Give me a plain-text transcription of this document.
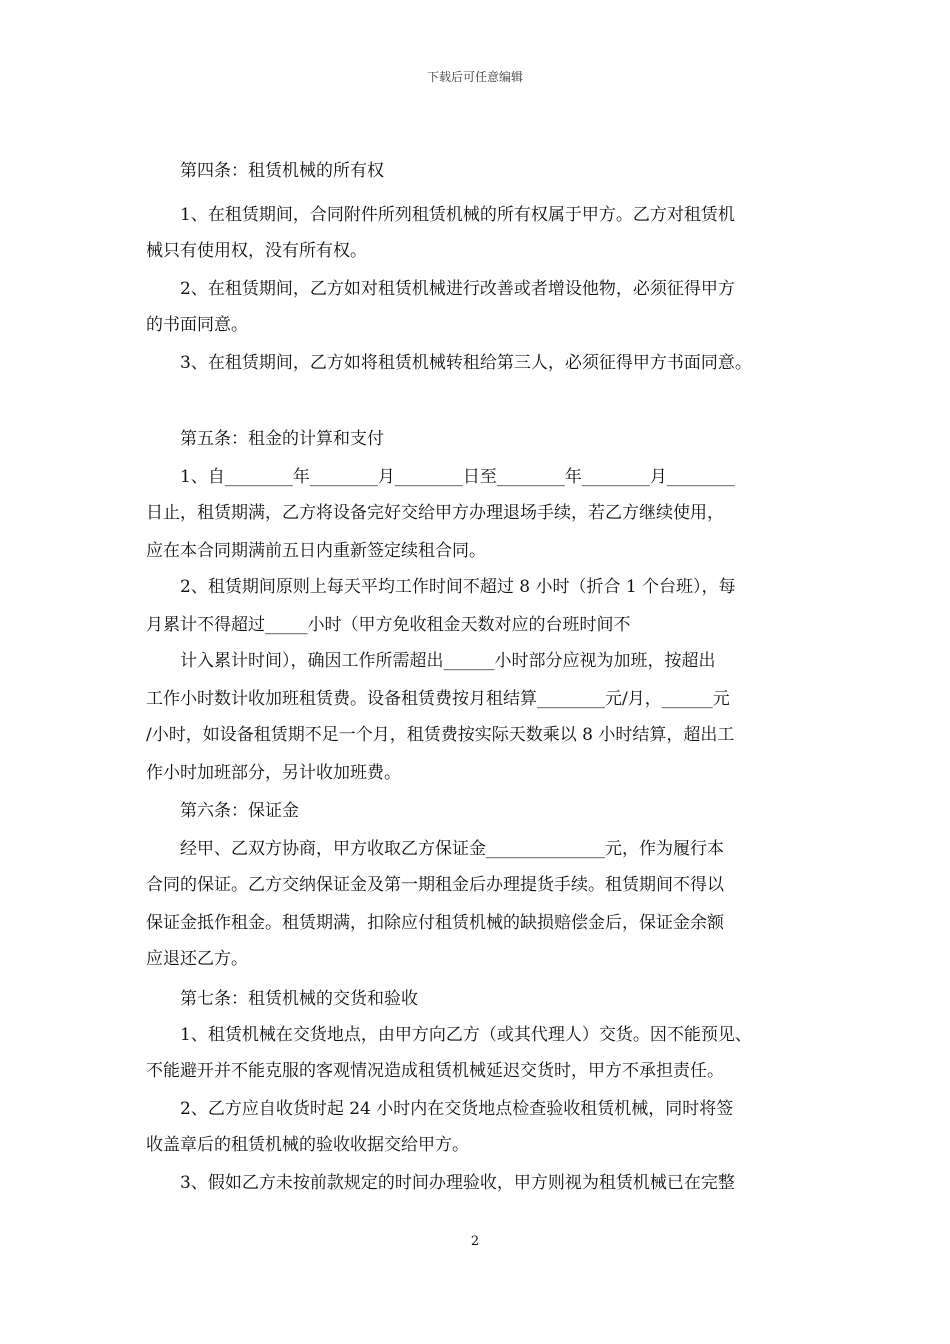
下载后可任意编辑
第四条：租赁机械的所有权
1、在租赁期间，合同附件所列租赁机械的所有权属于甲方。乙方对租赁机
械只有使用权，没有所有权。
2、在租赁期间，乙方如对租赁机械进行改善或者增设他物，必须征得甲方
的书面同意。
3、在租赁期间，乙方如将租赁机械转租给第三人，必须征得甲方书面同意。
第五条：租金的计算和支付
1、自________年________月________日至________年________月________
日止，租赁期满，乙方将设备完好交给甲方办理退场手续，若乙方继续使用，
应在本合同期满前五日内重新签定续租合同。
2、租赁期间原则上每天平均工作时间不超过 8 小时（折合 1 个台班），每
月累计不得超过_____小时（甲方免收租金天数对应的台班时间不
计入累计时间），确因工作所需超出______小时部分应视为加班，按超出
工作小时数计收加班租赁费。设备租赁费按月租结算________元/月，______元
/小时，如设备租赁期不足一个月，租赁费按实际天数乘以 8 小时结算，超出工
作小时加班部分，另计收加班费。
第六条：保证金
经甲、乙双方协商，甲方收取乙方保证金______________元，作为履行本
合同的保证。乙方交纳保证金及第一期租金后办理提货手续。租赁期间不得以
保证金抵作租金。租赁期满，扣除应付租赁机械的缺损赔偿金后，保证金余额
应退还乙方。
第七条：租赁机械的交货和验收
1、租赁机械在交货地点，由甲方向乙方（或其代理人）交货。因不能预见、
不能避开并不能克服的客观情况造成租赁机械延迟交货时，甲方不承担责任。
2、乙方应自收货时起 24 小时内在交货地点检查验收租赁机械，同时将签
收盖章后的租赁机械的验收收据交给甲方。
3、假如乙方未按前款规定的时间办理验收，甲方则视为租赁机械已在完整
2
